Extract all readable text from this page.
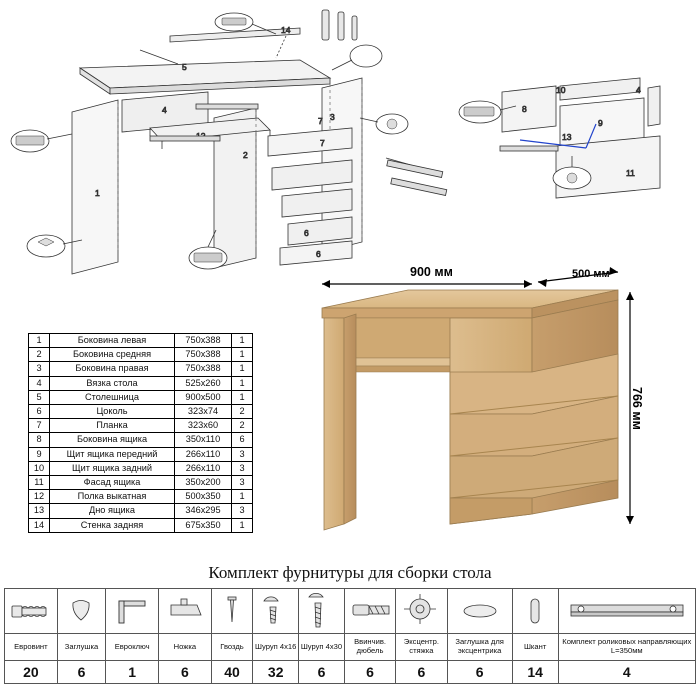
5
14
1
2
3
4
7
7
6
6
8
10	4
9
13
11
1	Боковина левая	750x388	1
2	Боковина средняя	750x388	1
3	Боковина правая	750x388	1
4	Вязка стола	525x260	1
5	Столешница	900x500	1
6	Цоколь	323x74	2
7	Планка	323x60	2
8	Боковина ящика	350x110	6
9	Щит ящика передний	266x110	3
10	Щит ящика задний	266x110	3
11	Фасад ящика	350x200	3
12	Полка выкатная	500x350	1
13	Дно ящика	346x295	3
14	Стенка задняя	675x350	1
900 мм	500 мм
766 мм
Комплект фурнитуры для сборки стола

Евровинт	Заглушка	Евроключ	Ножка	Гвоздь	Шуруп 4х16	Шуруп 4х30	Ввинчив. дюбель	Эксцентр. стяжка	Заглушка для эксцентрика	Шкант	Комплект роликовых направляющих L=350мм
20	6	1	6	40	32	6	6	6	6	14	4
